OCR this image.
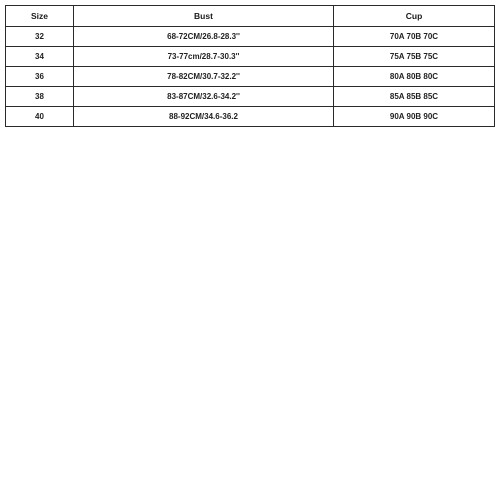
Size	Bust	Cup
32	68-72CM/26.8-28.3''	70A 70B 70C
34	73-77cm/28.7-30.3''	75A 75B 75C
36	78-82CM/30.7-32.2''	80A 80B 80C
38	83-87CM/32.6-34.2''	85A 85B 85C
40	88-92CM/34.6-36.2	90A 90B 90C
